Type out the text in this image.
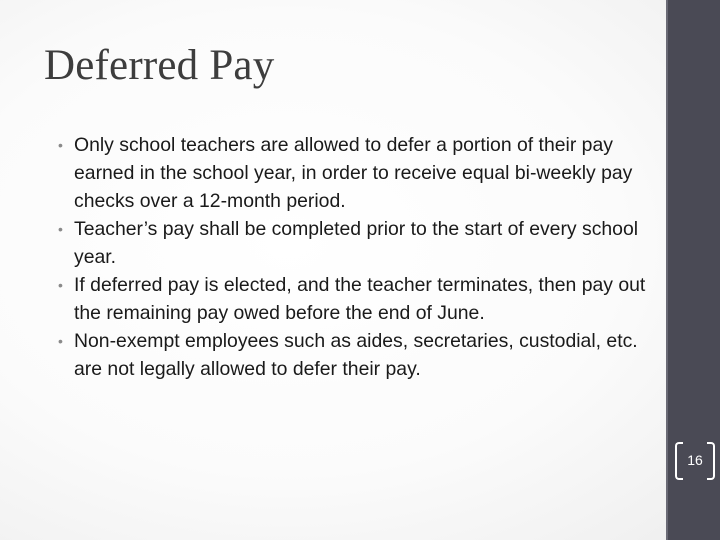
Deferred Pay
• Only school teachers are allowed to defer a portion of their pay earned in the school year, in order to receive equal bi-weekly pay checks over a 12-month period.
• Teacher’s pay shall be completed prior to the start of every school year.
• If deferred pay is elected, and the teacher terminates, then pay out the remaining pay owed before the end of June.
• Non-exempt employees such as aides, secretaries, custodial, etc. are not legally allowed to defer their pay.
16
